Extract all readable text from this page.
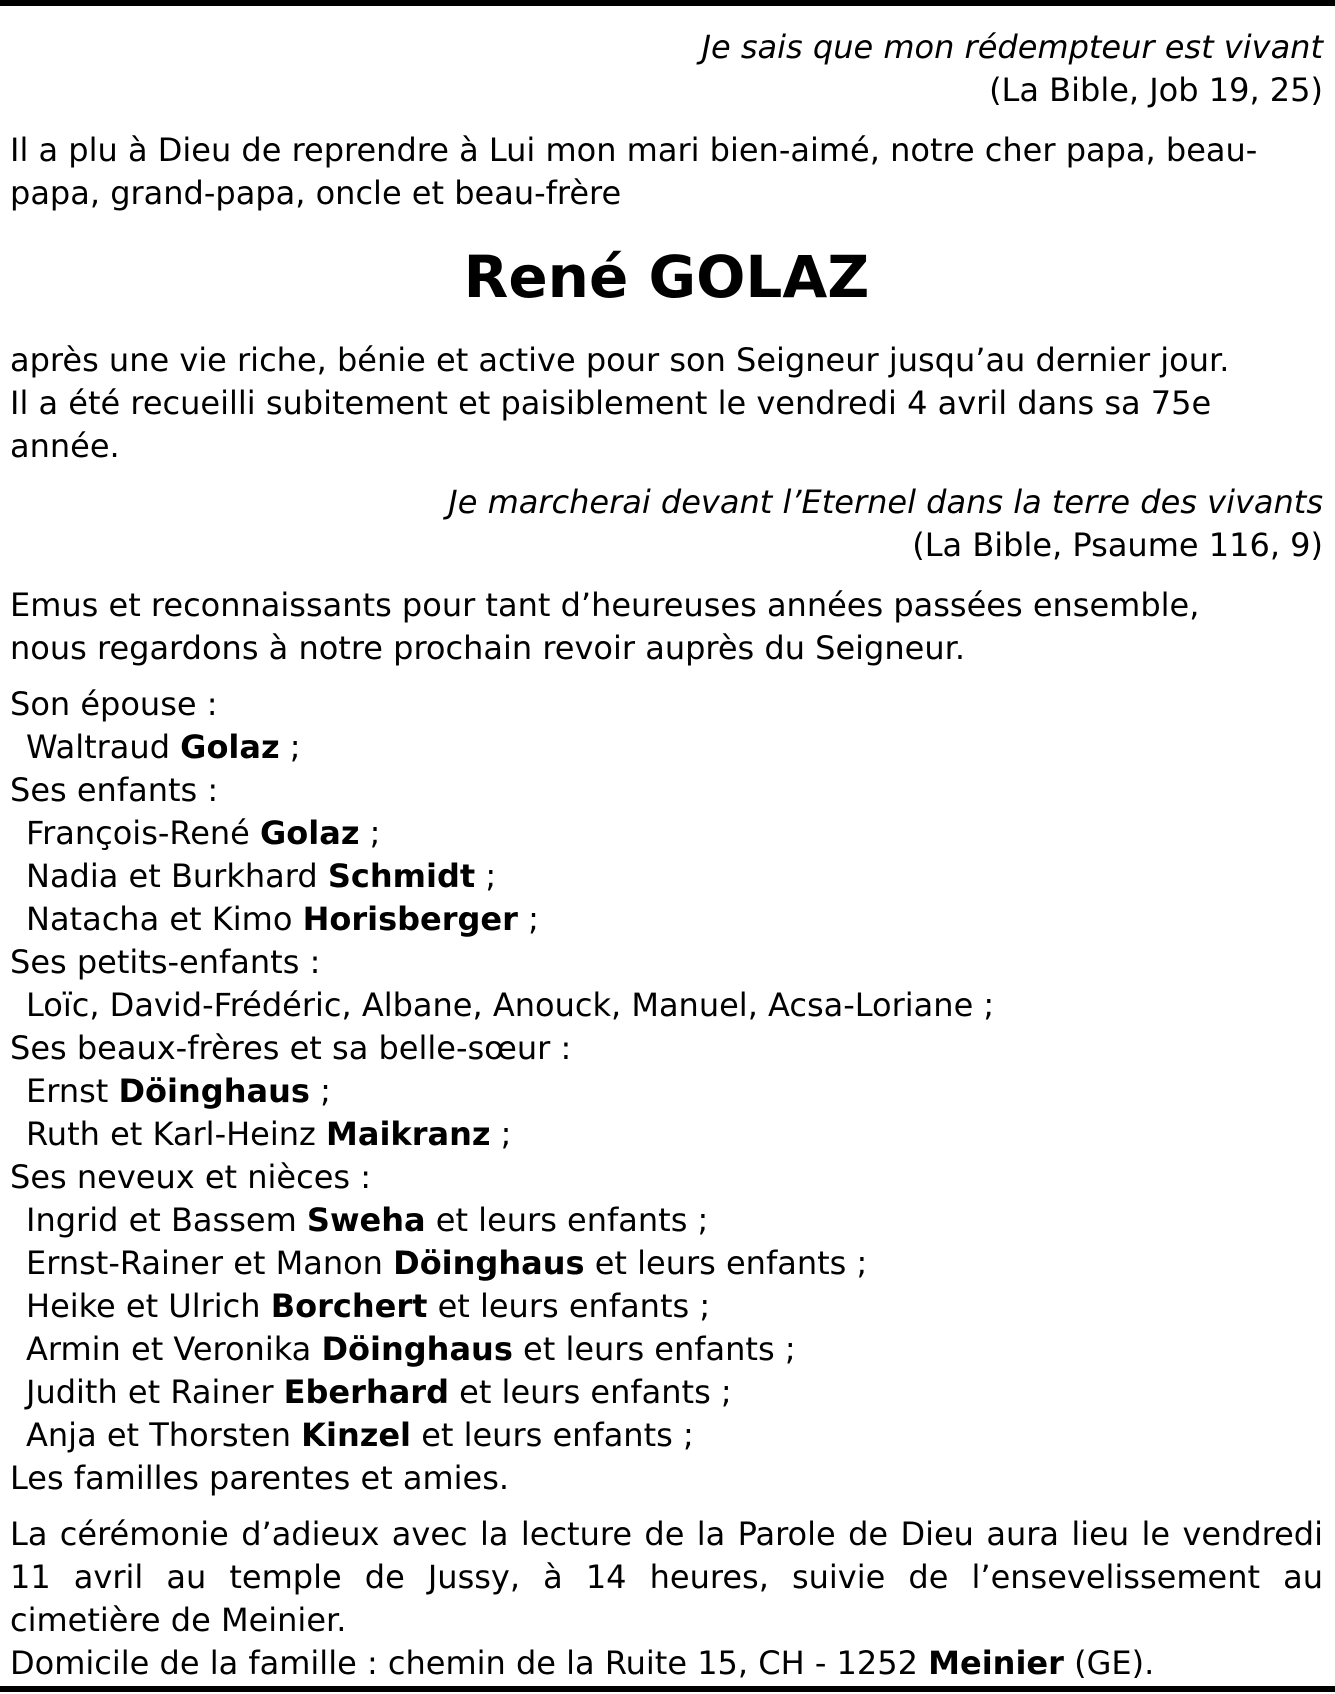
Je sais que mon rédempteur est vivant

(La Bible, Job 19, 25)

Il a plu à Dieu de reprendre à Lui mon mari bien-aimé, notre cher papa, beau-papa, grand-papa, oncle et beau-frère

René GOLAZ

après une vie riche, bénie et active pour son Seigneur jusqu’au dernier jour.

Il a été recueilli subitement et paisiblement le vendredi 4 avril dans sa 75e année.

Je marcherai devant l’Eternel dans la terre des vivants

(La Bible, Psaume 116, 9)

Emus et reconnaissants pour tant d’heureuses années passées ensemble,

nous regardons à notre prochain revoir auprès du Seigneur.

Son épouse :

Waltraud Golaz ;

Ses enfants :

François-René Golaz ;

Nadia et Burkhard Schmidt ;

Natacha et Kimo Horisberger ;

Ses petits-enfants :

Loïc, David-Frédéric, Albane, Anouck, Manuel, Acsa-Loriane ;

Ses beaux-frères et sa belle-sœur :

Ernst Döinghaus ;

Ruth et Karl-Heinz Maikranz ;

Ses neveux et nièces :

Ingrid et Bassem Sweha et leurs enfants ;

Ernst-Rainer et Manon Döinghaus et leurs enfants ;

Heike et Ulrich Borchert et leurs enfants ;

Armin et Veronika Döinghaus et leurs enfants ;

Judith et Rainer Eberhard et leurs enfants ;

Anja et Thorsten Kinzel et leurs enfants ;

Les familles parentes et amies.

La cérémonie d’adieux avec la lecture de la Parole de Dieu aura lieu le vendredi 11 avril au temple de Jussy, à 14 heures, suivie de l’ensevelissement au cimetière de Meinier.

Domicile de la famille : chemin de la Ruite 15, CH - 1252 Meinier (GE).
